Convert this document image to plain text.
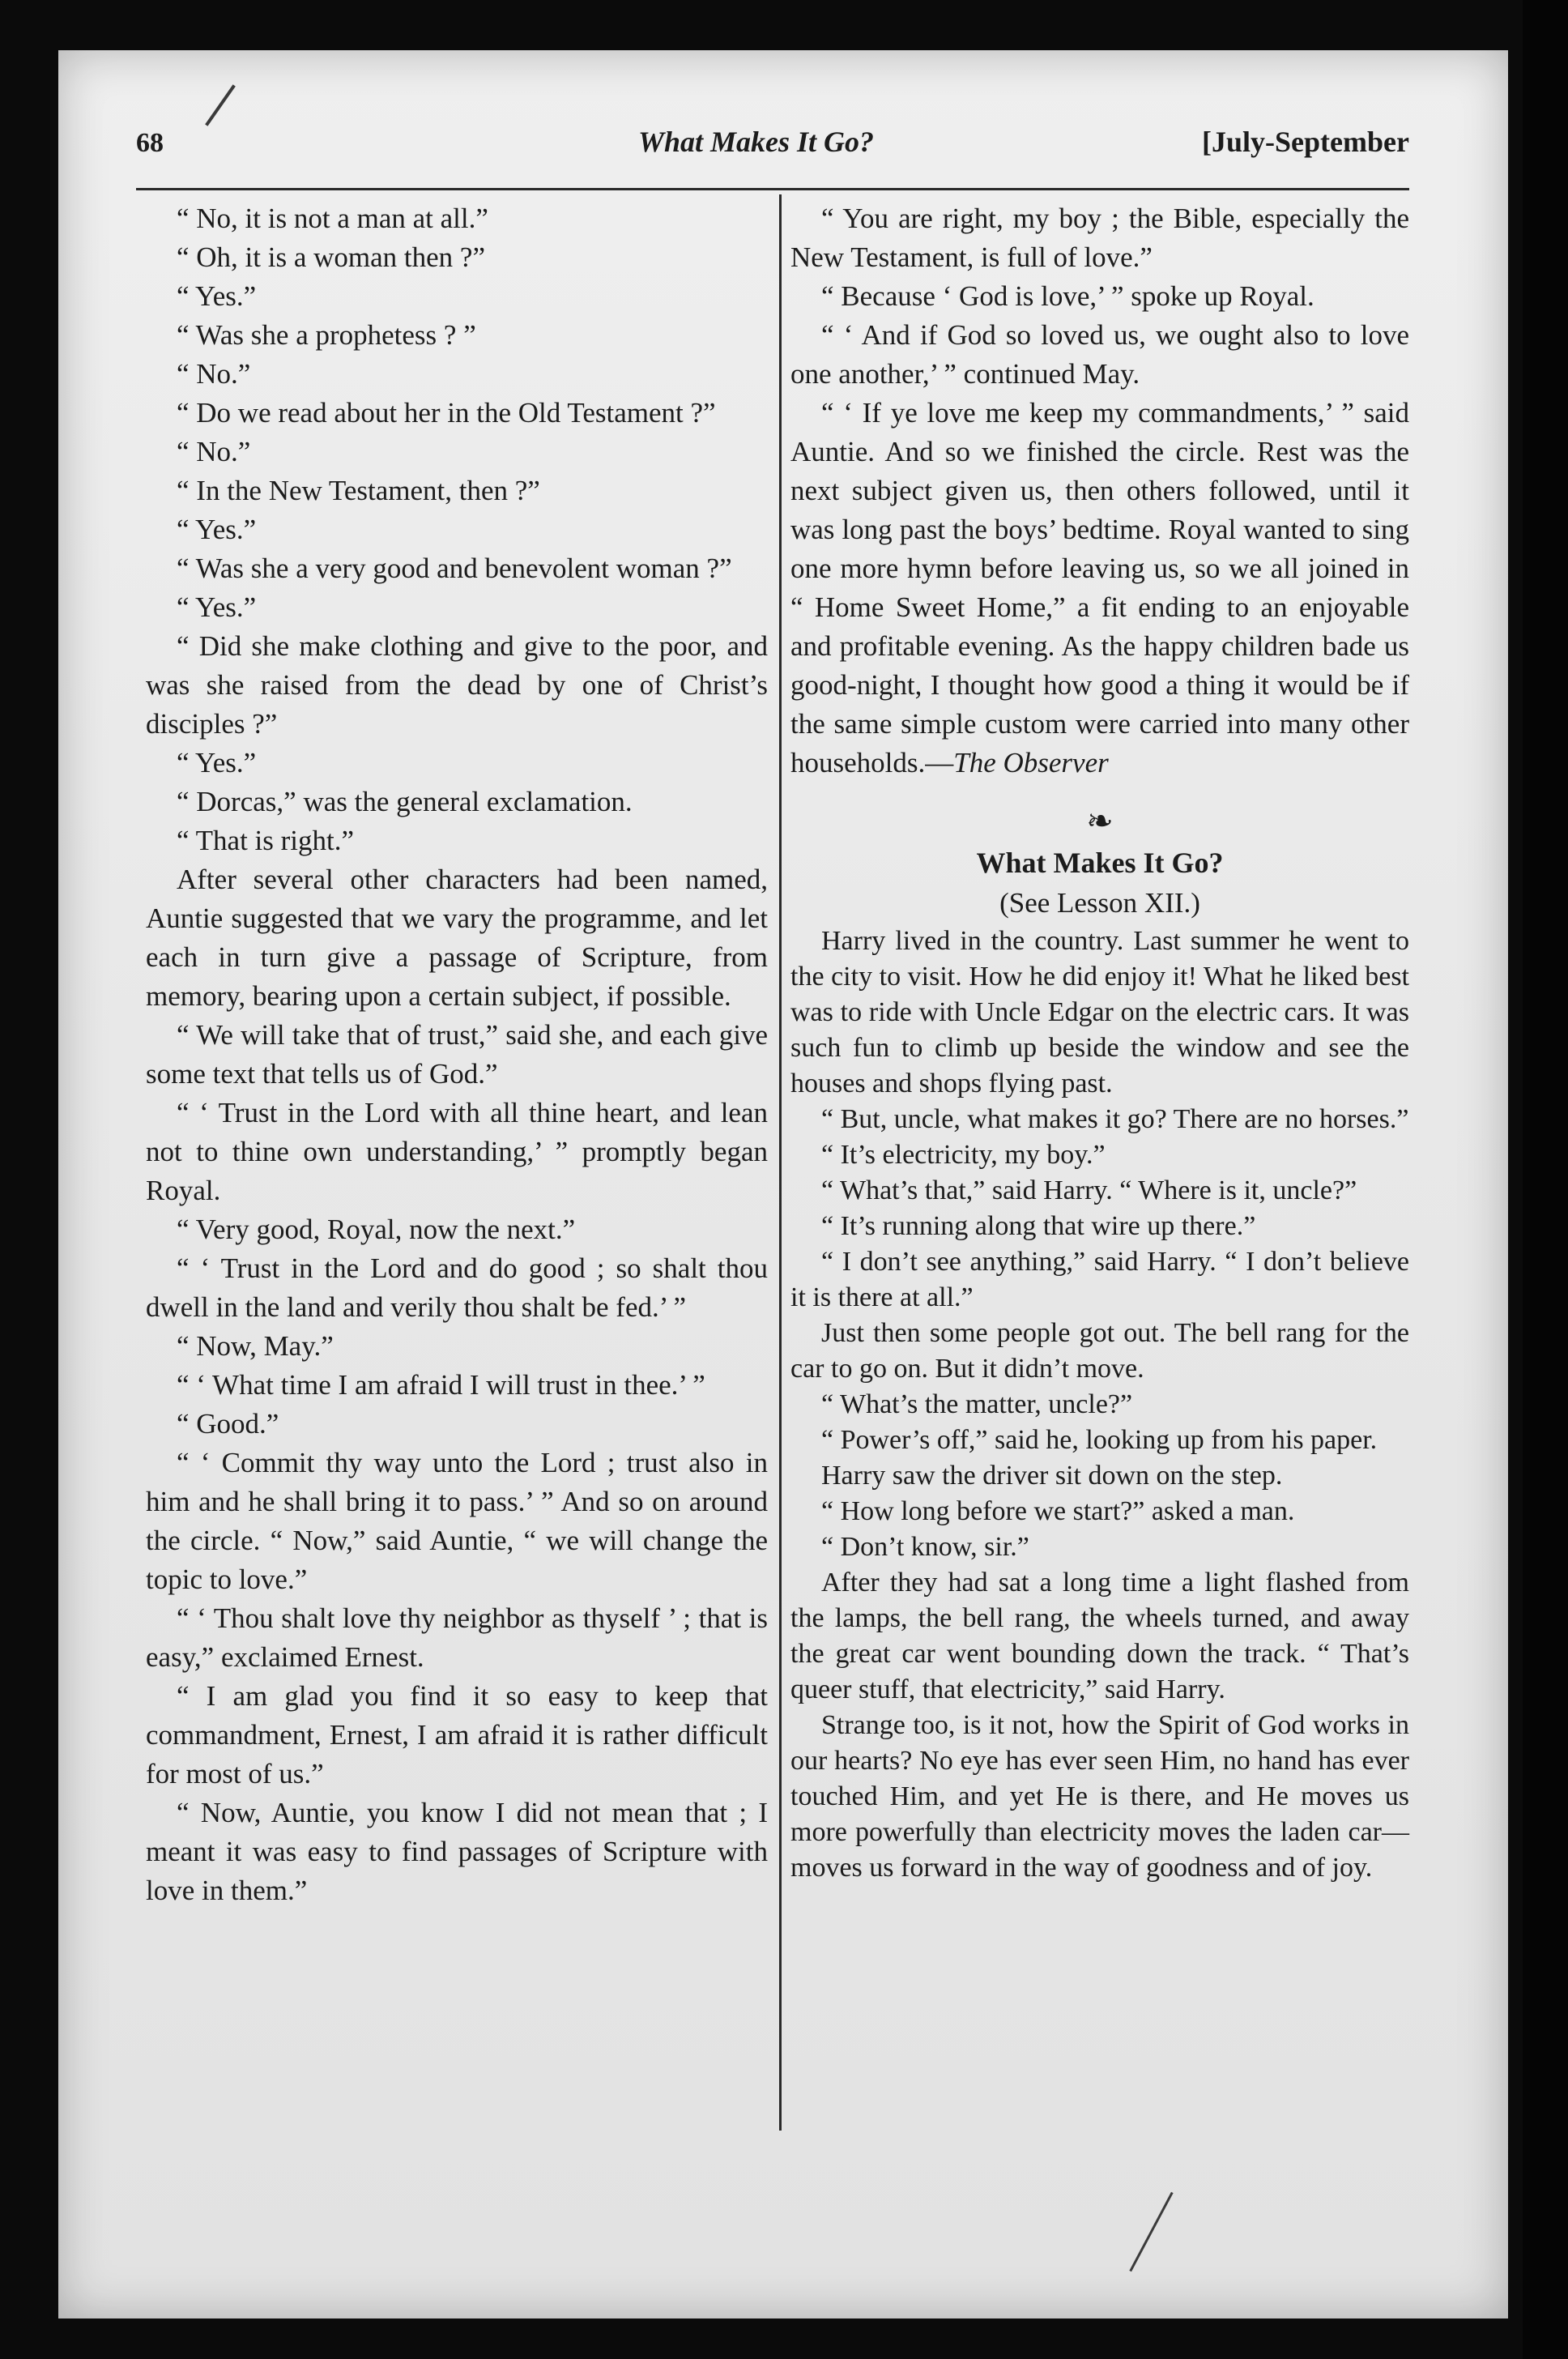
68	What Makes It Go?	[July-September

“ No, it is not a man at all.”

“ Oh, it is a woman then ?”

“ Yes.”

“ Was she a prophetess ? ”

“ No.”

“ Do we read about her in the Old Testament ?”

“ No.”

“ In the New Testament, then ?”

“ Yes.”

“ Was she a very good and benevolent woman ?”

“ Yes.”

“ Did she make clothing and give to the poor, and was she raised from the dead by one of Christ’s disciples ?”

“ Yes.”

“ Dorcas,” was the general exclamation.

“ That is right.”

After several other characters had been named, Auntie suggested that we vary the programme, and let each in turn give a passage of Scripture, from memory, bearing upon a certain subject, if possible.

“ We will take that of trust,” said she, and each give some text that tells us of God.”

“ ‘ Trust in the Lord with all thine heart, and lean not to thine own understanding,’ ” promptly began Royal.

“ Very good, Royal, now the next.”

“ ‘ Trust in the Lord and do good ; so shalt thou dwell in the land and verily thou shalt be fed.’ ”

“ Now, May.”

“ ‘ What time I am afraid I will trust in thee.’ ”

“ Good.”

“ ‘ Commit thy way unto the Lord ; trust also in him and he shall bring it to pass.’ ” And so on around the circle. “ Now,” said Auntie, “ we will change the topic to love.”

“ ‘ Thou shalt love thy neighbor as thyself ’ ; that is easy,” exclaimed Ernest.

“ I am glad you find it so easy to keep that commandment, Ernest, I am afraid it is rather difficult for most of us.”

“ Now, Auntie, you know I did not mean that ; I meant it was easy to find passages of Scripture with love in them.”

“ You are right, my boy ; the Bible, especially the New Testament, is full of love.”

“ Because ‘ God is love,’ ” spoke up Royal.

“ ‘ And if God so loved us, we ought also to love one another,’ ” continued May.

“ ‘ If ye love me keep my commandments,’ ” said Auntie. And so we finished the circle. Rest was the next subject given us, then others followed, until it was long past the boys’ bedtime. Royal wanted to sing one more hymn before leaving us, so we all joined in “ Home Sweet Home,” a fit ending to an enjoyable and profitable evening. As the happy children bade us good-night, I thought how good a thing it would be if the same simple custom were carried into many other households.—The Observer

❧

What Makes It Go?

(See Lesson XII.)

Harry lived in the country. Last summer he went to the city to visit. How he did enjoy it! What he liked best was to ride with Uncle Edgar on the electric cars. It was such fun to climb up beside the window and see the houses and shops flying past.

“ But, uncle, what makes it go? There are no horses.”

“ It’s electricity, my boy.”

“ What’s that,” said Harry. “ Where is it, uncle?”

“ It’s running along that wire up there.”

“ I don’t see anything,” said Harry. “ I don’t believe it is there at all.”

Just then some people got out. The bell rang for the car to go on. But it didn’t move.

“ What’s the matter, uncle?”

“ Power’s off,” said he, looking up from his paper.

Harry saw the driver sit down on the step.

“ How long before we start?” asked a man.

“ Don’t know, sir.”

After they had sat a long time a light flashed from the lamps, the bell rang, the wheels turned, and away the great car went bounding down the track. “ That’s queer stuff, that electricity,” said Harry.

Strange too, is it not, how the Spirit of God works in our hearts? No eye has ever seen Him, no hand has ever touched Him, and yet He is there, and He moves us more powerfully than electricity moves the laden car—moves us forward in the way of goodness and of joy.
